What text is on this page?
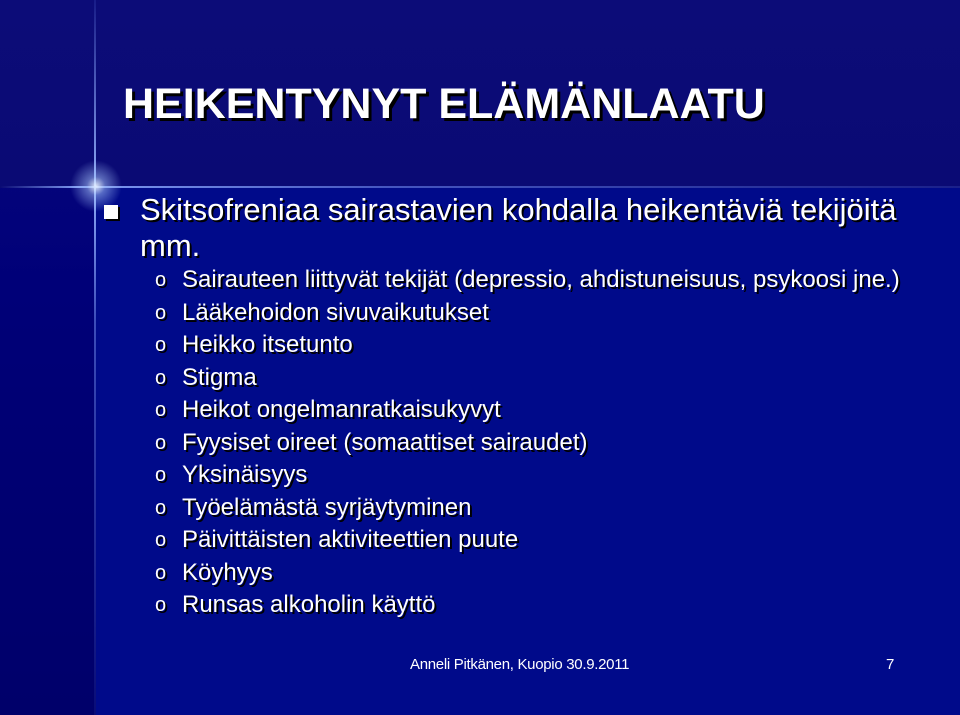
HEIKENTYNYT ELÄMÄNLAATU
Skitsofreniaa sairastavien kohdalla heikentäviä tekijöitä mm.
o Sairauteen liittyvät tekijät (depressio, ahdistuneisuus, psykoosi jne.)
o Lääkehoidon sivuvaikutukset
o Heikko itsetunto
o Stigma
o Heikot ongelmanratkaisukyvyt
o Fyysiset oireet (somaattiset sairaudet)
o Yksinäisyys
o Työelämästä syrjäytyminen
o Päivittäisten aktiviteettien puute
o Köyhyys
o Runsas alkoholin käyttö
Anneli Pitkänen, Kuopio 30.9.2011	7
